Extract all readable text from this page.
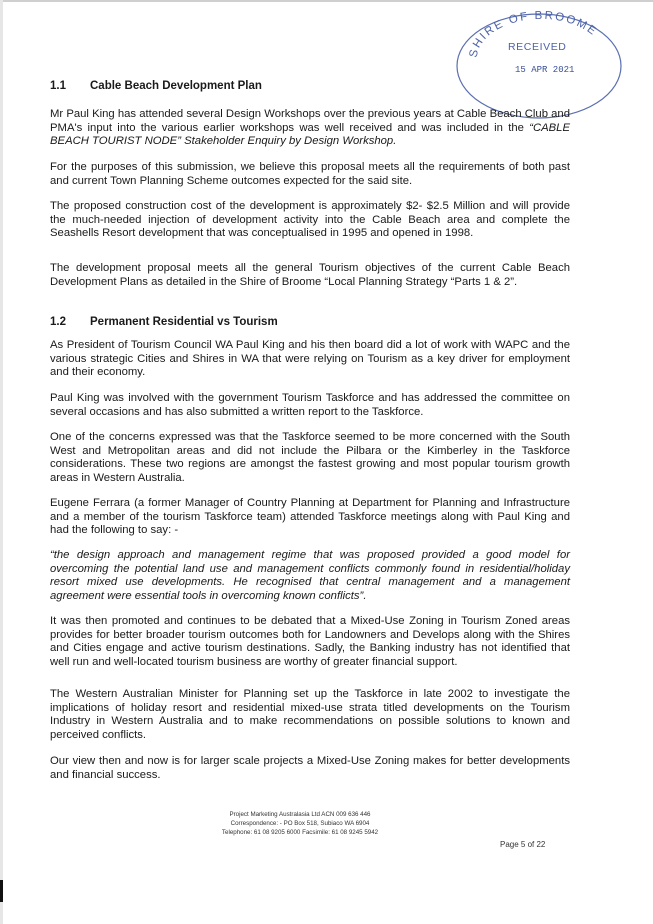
SHIRE OF BROOME
RECEIVED
15 APR 2021
1.1 Cable Beach Development Plan
Mr Paul King has attended several Design Workshops over the previous years at Cable Beach Club and PMA's input into the various earlier workshops was well received and was included in the “CABLE BEACH TOURIST NODE” Stakeholder Enquiry by Design Workshop.
For the purposes of this submission, we believe this proposal meets all the requirements of both past and current Town Planning Scheme outcomes expected for the said site.
The proposed construction cost of the development is approximately $2- $2.5 Million and will provide the much-needed injection of development activity into the Cable Beach area and complete the Seashells Resort development that was conceptualised in 1995 and opened in 1998.
The development proposal meets all the general Tourism objectives of the current Cable Beach Development Plans as detailed in the Shire of Broome “Local Planning Strategy “Parts 1 & 2”.
1.2 Permanent Residential vs Tourism
As President of Tourism Council WA Paul King and his then board did a lot of work with WAPC and the various strategic Cities and Shires in WA that were relying on Tourism as a key driver for employment and their economy.
Paul King was involved with the government Tourism Taskforce and has addressed the committee on several occasions and has also submitted a written report to the Taskforce.
One of the concerns expressed was that the Taskforce seemed to be more concerned with the South West and Metropolitan areas and did not include the Pilbara or the Kimberley in the Taskforce considerations. These two regions are amongst the fastest growing and most popular tourism growth areas in Western Australia.
Eugene Ferrara (a former Manager of Country Planning at Department for Planning and Infrastructure and a member of the tourism Taskforce team) attended Taskforce meetings along with Paul King and had the following to say: -
“the design approach and management regime that was proposed provided a good model for overcoming the potential land use and management conflicts commonly found in residential/holiday resort mixed use developments. He recognised that central management and a management agreement were essential tools in overcoming known conflicts”.
It was then promoted and continues to be debated that a Mixed-Use Zoning in Tourism Zoned areas provides for better broader tourism outcomes both for Landowners and Develops along with the Shires and Cities engage and active tourism destinations. Sadly, the Banking industry has not identified that well run and well-located tourism business are worthy of greater financial support.
The Western Australian Minister for Planning set up the Taskforce in late 2002 to investigate the implications of holiday resort and residential mixed-use strata titled developments on the Tourism Industry in Western Australia and to make recommendations on possible solutions to known and perceived conflicts.
Our view then and now is for larger scale projects a Mixed-Use Zoning makes for better developments and financial success.
Project Marketing Australasia Ltd ACN 009 636 446
Correspondence: - PO Box 518, Subiaco WA 6904
Telephone: 61 08 9205 6000 Facsimile: 61 08 9245 5942
Page 5 of 22
